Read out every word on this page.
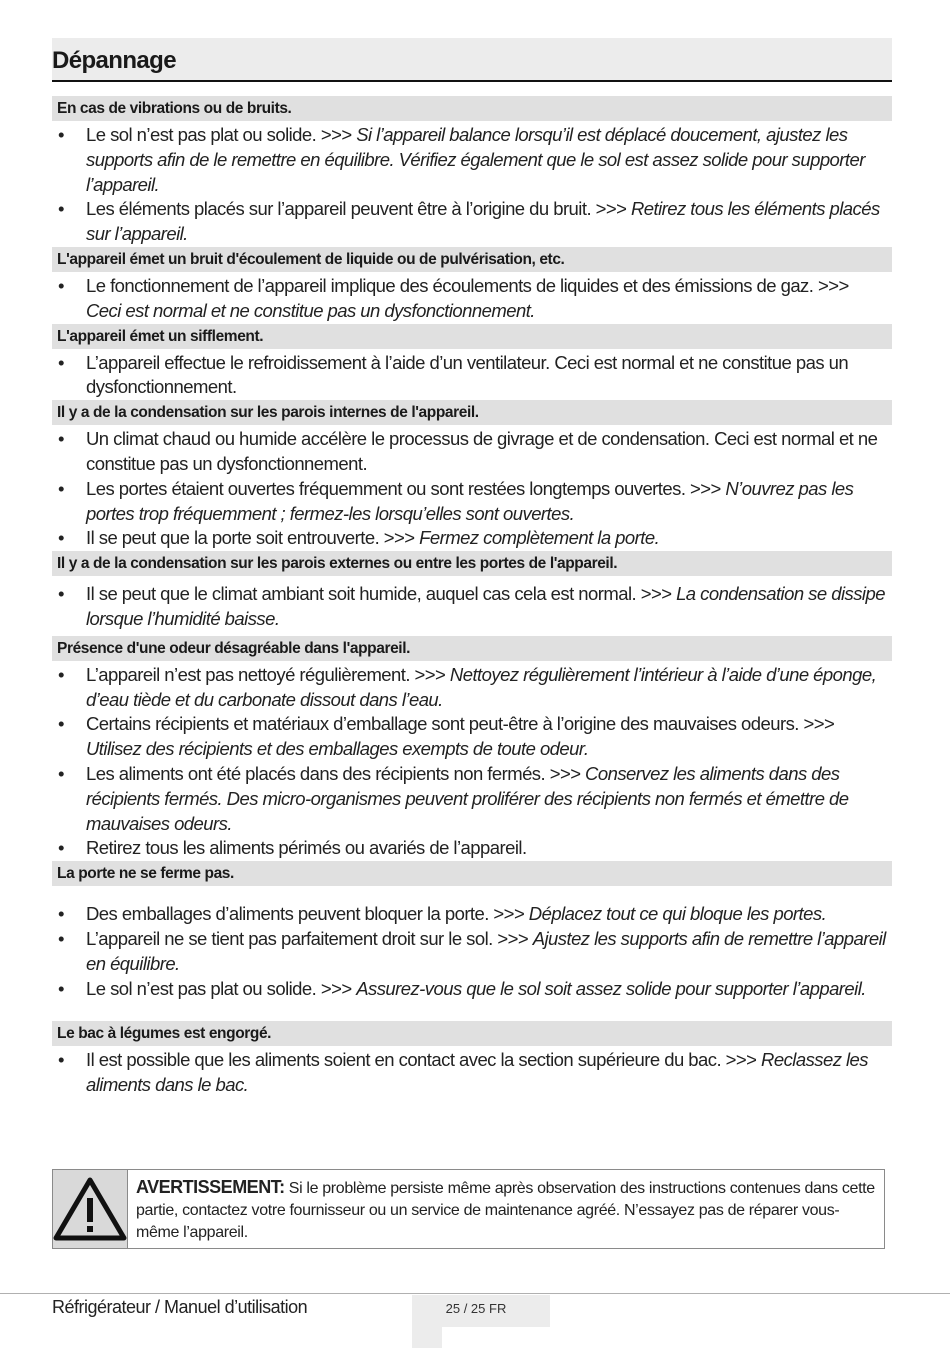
Dépannage
En cas de vibrations ou de bruits.
• Le sol n’est pas plat ou solide. >>> Si l’appareil balance lorsqu’il est déplacé doucement, ajustez les supports afin de le remettre en équilibre. Vérifiez également que le sol est assez solide pour supporter l’appareil.
• Les éléments placés sur l’appareil peuvent être à l’origine du bruit. >>> Retirez tous les éléments placés sur l’appareil.
L'appareil émet un bruit d'écoulement de liquide ou de pulvérisation, etc.
• Le fonctionnement de l’appareil implique des écoulements de liquides et des émissions de gaz. >>> Ceci est normal et ne constitue pas un dysfonctionnement.
L'appareil émet un sifflement.
• L’appareil effectue le refroidissement à l’aide d’un ventilateur. Ceci est normal et ne constitue pas un dysfonctionnement.
Il y a de la condensation sur les parois internes de l'appareil.
• Un climat chaud ou humide accélère le processus de givrage et de condensation. Ceci est normal et ne constitue pas un dysfonctionnement.
• Les portes étaient ouvertes fréquemment ou sont restées longtemps ouvertes. >>> N’ouvrez pas les portes trop fréquemment ; fermez-les lorsqu’elles sont ouvertes.
• Il se peut que la porte soit entrouverte. >>> Fermez complètement la porte.
Il y a de la condensation sur les parois externes ou entre les portes de l'appareil.
• Il se peut que le climat ambiant soit humide, auquel cas cela est normal. >>> La condensation se dissipe lorsque l’humidité baisse.
Présence d'une odeur désagréable dans l'appareil.
• L’appareil n’est pas nettoyé régulièrement. >>> Nettoyez régulièrement l’intérieur à l’aide d’une éponge, d’eau tiède et du carbonate dissout dans l’eau.
• Certains récipients et matériaux d’emballage sont peut-être à l’origine des mauvaises odeurs. >>> Utilisez des récipients et des emballages exempts de toute odeur.
• Les aliments ont été placés dans des récipients non fermés. >>> Conservez les aliments dans des récipients fermés. Des micro-organismes peuvent proliférer des récipients non fermés et émettre de mauvaises odeurs.
• Retirez tous les aliments périmés ou avariés de l’appareil.
La porte ne se ferme pas.
• Des emballages d’aliments peuvent bloquer la porte. >>> Déplacez tout ce qui bloque les portes.
• L’appareil ne se tient pas parfaitement droit sur le sol. >>> Ajustez les supports afin de remettre l’appareil en équilibre.
• Le sol n’est pas plat ou solide. >>> Assurez-vous que le sol soit assez solide pour supporter l’appareil.
Le bac à légumes est engorgé.
• Il est possible que les aliments soient en contact avec la section supérieure du bac. >>> Reclassez les aliments dans le bac.
AVERTISSEMENT: Si le problème persiste même après observation des instructions contenues dans cette partie, contactez votre fournisseur ou un service de maintenance agréé. N’essayez pas de réparer vous-même l’appareil.
Réfrigérateur / Manuel d’utilisation	25 / 25 FR
